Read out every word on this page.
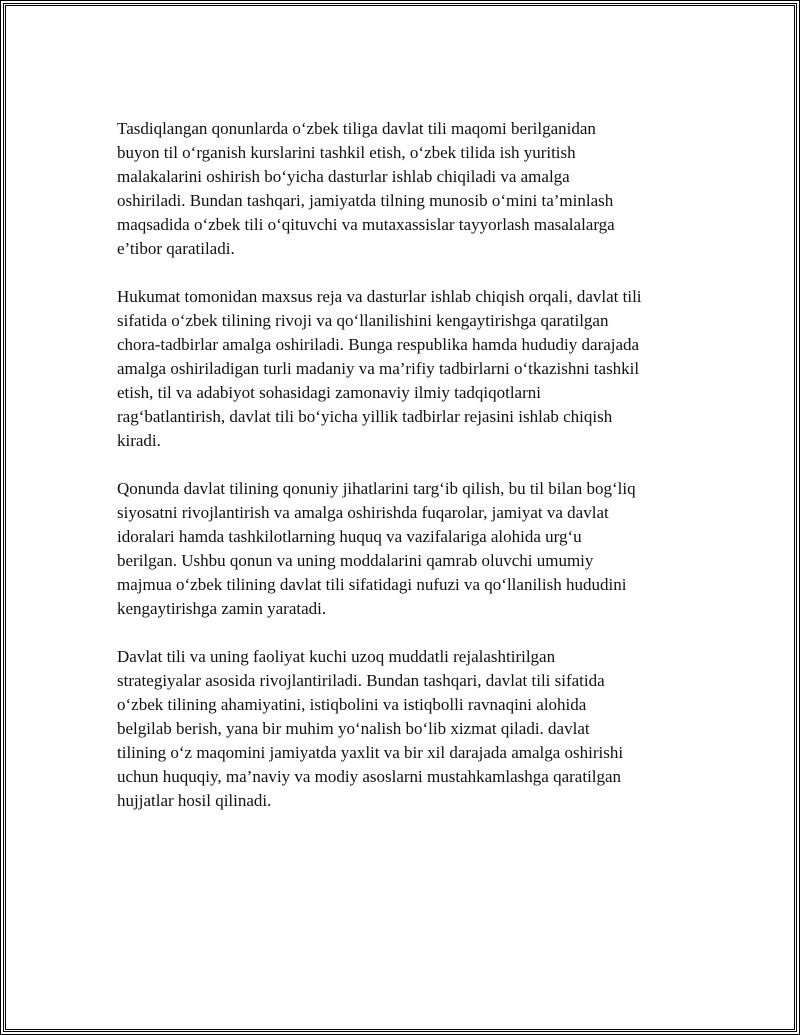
Tasdiqlangan qonunlarda o‘zbek tiliga davlat tili maqomi berilganidan
buyon til o‘rganish kurslarini tashkil etish, o‘zbek tilida ish yuritish
malakalarini oshirish bo‘yicha dasturlar ishlab chiqiladi va amalga
oshiriladi. Bundan tashqari, jamiyatda tilning munosib o‘mini ta’minlash
maqsadida o‘zbek tili o‘qituvchi va mutaxassislar tayyorlash masalalarga
e’tibor qaratiladi.

Hukumat tomonidan maxsus reja va dasturlar ishlab chiqish orqali, davlat tili
sifatida o‘zbek tilining rivoji va qo‘llanilishini kengaytirishga qaratilgan
chora-tadbirlar amalga oshiriladi. Bunga respublika hamda hududiy darajada
amalga oshiriladigan turli madaniy va ma’rifiy tadbirlarni o‘tkazishni tashkil
etish, til va adabiyot sohasidagi zamonaviy ilmiy tadqiqotlarni
rag‘batlantirish, davlat tili bo‘yicha yillik tadbirlar rejasini ishlab chiqish
kiradi.

Qonunda davlat tilining qonuniy jihatlarini targ‘ib qilish, bu til bilan bog‘liq
siyosatni rivojlantirish va amalga oshirishda fuqarolar, jamiyat va davlat
idoralari hamda tashkilotlarning huquq va vazifalariga alohida urg‘u
berilgan. Ushbu qonun va uning moddalarini qamrab oluvchi umumiy
majmua o‘zbek tilining davlat tili sifatidagi nufuzi va qo‘llanilish hududini
kengaytirishga zamin yaratadi.

Davlat tili va uning faoliyat kuchi uzoq muddatli rejalashtirilgan
strategiyalar asosida rivojlantiriladi. Bundan tashqari, davlat tili sifatida
o‘zbek tilining ahamiyatini, istiqbolini va istiqbolli ravnaqini alohida
belgilab berish, yana bir muhim yo‘nalish bo‘lib xizmat qiladi. davlat
tilining o‘z maqomini jamiyatda yaxlit va bir xil darajada amalga oshirishi
uchun huquqiy, ma’naviy va modiy asoslarni mustahkamlashga qaratilgan
hujjatlar hosil qilinadi.
